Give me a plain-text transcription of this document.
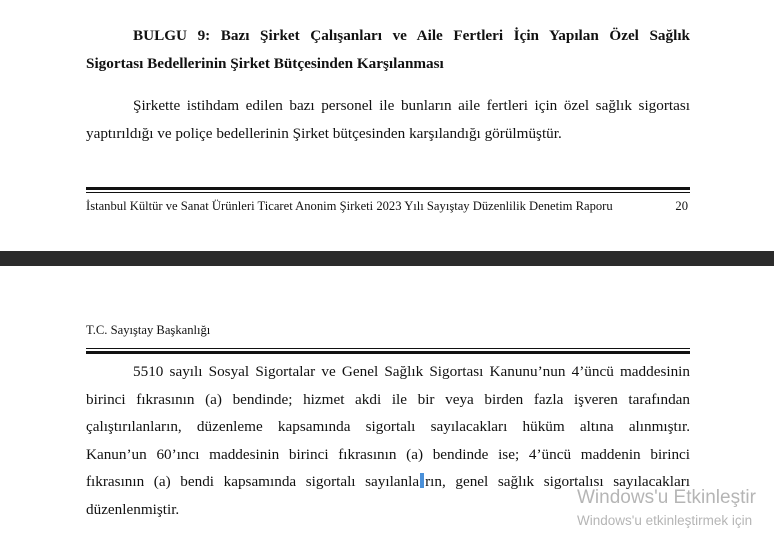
BULGU 9: Bazı Şirket Çalışanları ve Aile Fertleri İçin Yapılan Özel Sağlık
Sigortası Bedellerinin Şirket Bütçesinden Karşılanması
Şirkette istihdam edilen bazı personel ile bunların aile fertleri için özel sağlık sigortası
yaptırıldığı ve poliçe bedellerinin Şirket bütçesinden karşılandığı görülmüştür.
İstanbul Kültür ve Sanat Ürünleri Ticaret Anonim Şirketi 2023 Yılı Sayıştay Düzenlilik Denetim Raporu	20
T.C. Sayıştay Başkanlığı
5510 sayılı Sosyal Sigortalar ve Genel Sağlık Sigortası Kanunu’nun 4’üncü maddesinin
birinci fıkrasının (a) bendinde; hizmet akdi ile bir veya birden fazla işveren tarafından
çalıştırılanların, düzenleme kapsamında sigortalı sayılacakları hüküm altına alınmıştır.
Kanun’un 60’ıncı maddesinin birinci fıkrasının (a) bendinde ise; 4’üncü maddenin birinci
fıkrasının (a) bendi kapsamında sigortalı sayılanla rın, genel sağlık sigortalısı sayılacakları
düzenlenmiştir.
Windows'u Etkinleştir
Windows'u etkinleştirmek için
